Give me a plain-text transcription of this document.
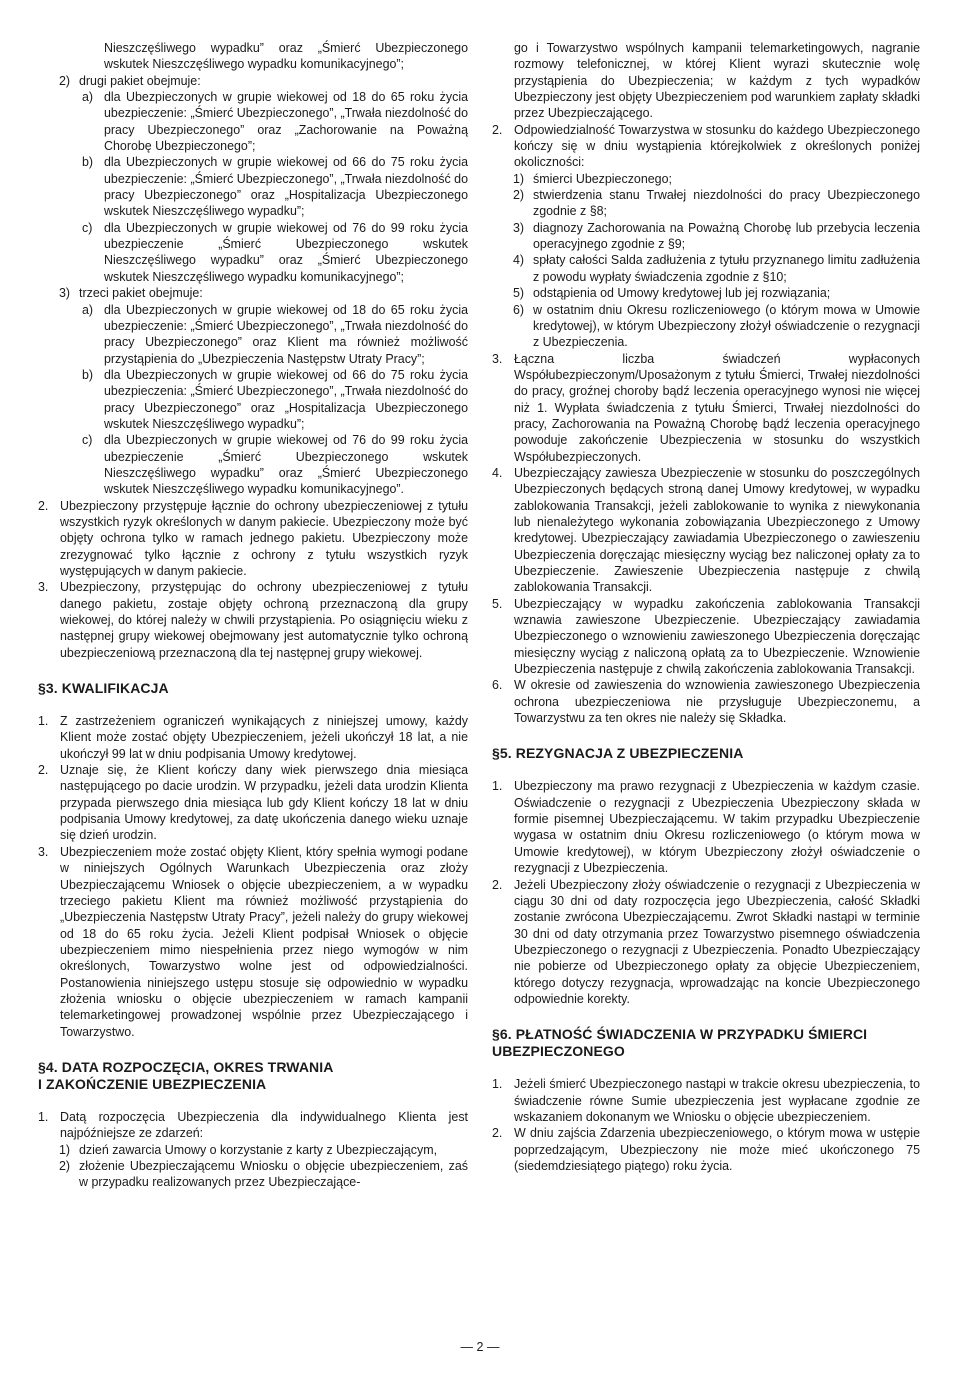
Nieszczęśliwego wypadku” oraz „Śmierć Ubezpieczonego wskutek Nieszczęśliwego wypadku komunikacyjnego”;

2) drugi pakiet obejmuje:

a) dla Ubezpieczonych w grupie wiekowej od 18 do 65 roku życia ubezpieczenie: „Śmierć Ubezpieczonego”, „Trwała niezdolność do pracy Ubezpieczonego” oraz „Zachorowanie na Poważną Chorobę Ubezpieczonego”;

b) dla Ubezpieczonych w grupie wiekowej od 66 do 75 roku życia ubezpieczenie: „Śmierć Ubezpieczonego”, „Trwała niezdolność do pracy Ubezpieczonego” oraz „Hospitalizacja Ubezpieczonego wskutek Nieszczęśliwego wypadku”;

c) dla Ubezpieczonych w grupie wiekowej od 76 do 99 roku życia ubezpieczenie „Śmierć Ubezpieczonego wskutek Nieszczęśliwego wypadku” oraz „Śmierć Ubezpieczonego wskutek Nieszczęśliwego wypadku komunikacyjnego”;

3) trzeci pakiet obejmuje:

a) dla Ubezpieczonych w grupie wiekowej od 18 do 65 roku życia ubezpieczenie: „Śmierć Ubezpieczonego”, „Trwała niezdolność do pracy Ubezpieczonego” oraz Klient ma również możliwość przystąpienia do „Ubezpieczenia Następstw Utraty Pracy”;

b) dla Ubezpieczonych w grupie wiekowej od 66 do 75 roku życia ubezpieczenia: „Śmierć Ubezpieczonego”, „Trwała niezdolność do pracy Ubezpieczonego” oraz „Hospitalizacja Ubezpieczonego wskutek Nieszczęśliwego wypadku”;

c) dla Ubezpieczonych w grupie wiekowej od 76 do 99 roku życia ubezpieczenie „Śmierć Ubezpieczonego wskutek Nieszczęśliwego wypadku” oraz „Śmierć Ubezpieczonego wskutek Nieszczęśliwego wypadku komunikacyjnego”.

2. Ubezpieczony przystępuje łącznie do ochrony ubezpieczeniowej z tytułu wszystkich ryzyk określonych w danym pakiecie. Ubezpieczony może być objęty ochrona tylko w ramach jednego pakietu. Ubezpieczony może zrezygnować tylko łącznie z ochrony z tytułu wszystkich ryzyk występujących w danym pakiecie.

3. Ubezpieczony, przystępując do ochrony ubezpieczeniowej z tytułu danego pakietu, zostaje objęty ochroną przeznaczoną dla grupy wiekowej, do której należy w chwili przystąpienia. Po osiągnięciu wieku z następnej grupy wiekowej obejmowany jest automatycznie tylko ochroną ubezpieczeniową przeznaczoną dla tej następnej grupy wiekowej.

§3. KWALIFIKACJA
1. Z zastrzeżeniem ograniczeń wynikających z niniejszej umowy, każdy Klient może zostać objęty Ubezpieczeniem, jeżeli ukończył 18 lat, a nie ukończył 99 lat w dniu podpisania Umowy kredytowej.

2. Uznaje się, że Klient kończy dany wiek pierwszego dnia miesiąca następującego po dacie urodzin. W przypadku, jeżeli data urodzin Klienta przypada pierwszego dnia miesiąca lub gdy Klient kończy 18 lat w dniu podpisania Umowy kredytowej, za datę ukończenia danego wieku uznaje się dzień urodzin.

3. Ubezpieczeniem może zostać objęty Klient, który spełnia wymogi podane w niniejszych Ogólnych Warunkach Ubezpieczenia oraz złoży Ubezpieczającemu Wniosek o objęcie ubezpieczeniem, a w wypadku trzeciego pakietu Klient ma również możliwość przystąpienia do „Ubezpieczenia Następstw Utraty Pracy”, jeżeli należy do grupy wiekowej od 18 do 65 roku życia. Jeżeli Klient podpisał Wniosek o objęcie ubezpieczeniem mimo niespełnienia przez niego wymogów w nim określonych, Towarzystwo wolne jest od odpowiedzialności. Postanowienia niniejszego ustępu stosuje się odpowiednio w wypadku złożenia wniosku o objęcie ubezpieczeniem w ramach kampanii telemarketingowej prowadzonej wspólnie przez Ubezpieczającego i Towarzystwo.

§4. DATA ROZPOCZĘCIA, OKRES TRWANIA
I ZAKOŃCZENIE UBEZPIECZENIA
1. Datą rozpoczęcia Ubezpieczenia dla indywidualnego Klienta jest najpóźniejsze ze zdarzeń:

1) dzień zawarcia Umowy o korzystanie z karty z Ubezpieczającym,

2) złożenie Ubezpieczającemu Wniosku o objęcie ubezpieczeniem, zaś w przypadku realizowanych przez Ubezpieczające-

go i Towarzystwo wspólnych kampanii telemarketingowych, nagranie rozmowy telefonicznej, w której Klient wyrazi skutecznie wolę przystąpienia do Ubezpieczenia; w każdym z tych wypadków Ubezpieczony jest objęty Ubezpieczeniem pod warunkiem zapłaty składki przez Ubezpieczającego.

2. Odpowiedzialność Towarzystwa w stosunku do każdego Ubezpieczonego kończy się w dniu wystąpienia którejkolwiek z określonych poniżej okoliczności:

1) śmierci Ubezpieczonego;

2) stwierdzenia stanu Trwałej niezdolności do pracy Ubezpieczonego zgodnie z §8;

3) diagnozy Zachorowania na Poważną Chorobę lub przebycia leczenia operacyjnego zgodnie z §9;

4) spłaty całości Salda zadłużenia z tytułu przyznanego limitu zadłużenia z powodu wypłaty świadczenia zgodnie z §10;

5) odstąpienia od Umowy kredytowej lub jej rozwiązania;

6) w ostatnim dniu Okresu rozliczeniowego (o którym mowa w Umowie kredytowej), w którym Ubezpieczony złożył oświadczenie o rezygnacji z Ubezpieczenia.

3. Łączna liczba świadczeń wypłaconych Współubezpieczonym/Uposażonym z tytułu Śmierci, Trwałej niezdolności do pracy, groźnej choroby bądź leczenia operacyjnego wynosi nie więcej niż 1. Wypłata świadczenia z tytułu Śmierci, Trwałej niezdolności do pracy, Zachorowania na Poważną Chorobę bądź leczenia operacyjnego powoduje zakończenie Ubezpieczenia w stosunku do wszystkich Współubezpieczonych.

4. Ubezpieczający zawiesza Ubezpieczenie w stosunku do poszczególnych Ubezpieczonych będących stroną danej Umowy kredytowej, w wypadku zablokowania Transakcji, jeżeli zablokowanie to wynika z niewykonania lub nienależytego wykonania zobowiązania Ubezpieczonego z Umowy kredytowej. Ubezpieczający zawiadamia Ubezpieczonego o zawieszeniu Ubezpieczenia doręczając miesięczny wyciąg bez naliczonej opłaty za to Ubezpieczenie. Zawieszenie Ubezpieczenia następuje z chwilą zablokowania Transakcji.

5. Ubezpieczający w wypadku zakończenia zablokowania Transakcji wznawia zawieszone Ubezpieczenie. Ubezpieczający zawiadamia Ubezpieczonego o wznowieniu zawieszonego Ubezpieczenia doręczając miesięczny wyciąg z naliczoną opłatą za to Ubezpieczenie. Wznowienie Ubezpieczenia następuje z chwilą zakończenia zablokowania Transakcji.

6. W okresie od zawieszenia do wznowienia zawieszonego Ubezpieczenia ochrona ubezpieczeniowa nie przysługuje Ubezpieczonemu, a Towarzystwu za ten okres nie należy się Składka.

§5. REZYGNACJA Z UBEZPIECZENIA
1. Ubezpieczony ma prawo rezygnacji z Ubezpieczenia w każdym czasie. Oświadczenie o rezygnacji z Ubezpieczenia Ubezpieczony składa w formie pisemnej Ubezpieczającemu. W takim przypadku Ubezpieczenie wygasa w ostatnim dniu Okresu rozliczeniowego (o którym mowa w Umowie kredytowej), w którym Ubezpieczony złożył oświadczenie o rezygnacji z Ubezpieczenia.

2. Jeżeli Ubezpieczony złoży oświadczenie o rezygnacji z Ubezpieczenia w ciągu 30 dni od daty rozpoczęcia jego Ubezpieczenia, całość Składki zostanie zwrócona Ubezpieczającemu. Zwrot Składki nastąpi w terminie 30 dni od daty otrzymania przez Towarzystwo pisemnego oświadczenia Ubezpieczonego o rezygnacji z Ubezpieczenia. Ponadto Ubezpieczający nie pobierze od Ubezpieczonego opłaty za objęcie Ubezpieczeniem, którego dotyczy rezygnacja, wprowadzając na koncie Ubezpieczonego odpowiednie korekty.

§6. PŁATNOŚĆ ŚWIADCZENIA W PRZYPADKU ŚMIERCI
UBEZPIECZONEGO
1. Jeżeli śmierć Ubezpieczonego nastąpi w trakcie okresu ubezpieczenia, to świadczenie równe Sumie ubezpieczenia jest wypłacane zgodnie ze wskazaniem dokonanym we Wniosku o objęcie ubezpieczeniem.

2. W dniu zajścia Zdarzenia ubezpieczeniowego, o którym mowa w ustępie poprzedzającym, Ubezpieczony nie może mieć ukończonego 75 (siedemdziesiątego piątego) roku życia.

— 2 —
